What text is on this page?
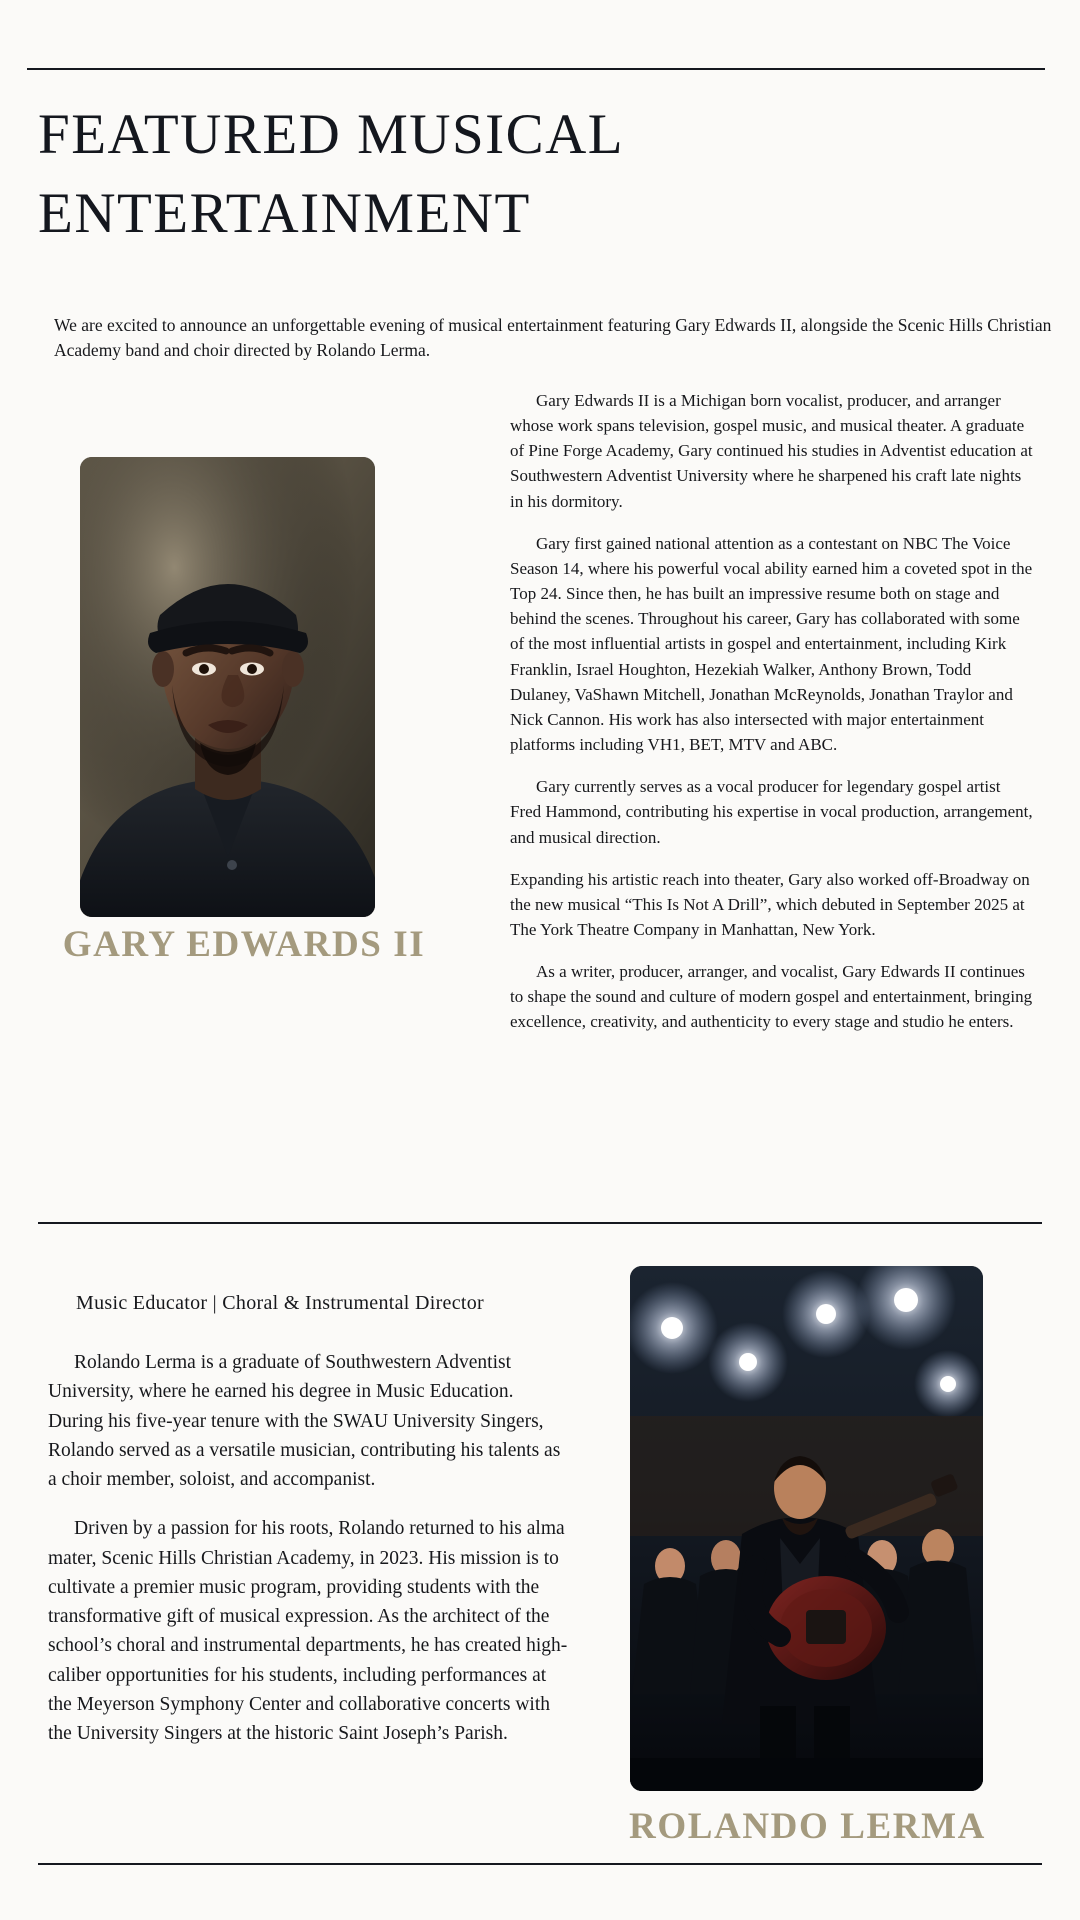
FEATURED MUSICAL ENTERTAINMENT

We are excited to announce an unforgettable evening of musical entertainment featuring Gary Edwards II, alongside the Scenic Hills Christian Academy band and choir directed by Rolando Lerma.

GARY EDWARDS II

Gary Edwards II is a Michigan born vocalist, producer, and arranger whose work spans television, gospel music, and musical theater. A graduate of Pine Forge Academy, Gary continued his studies in Adventist education at Southwestern Adventist University where he sharpened his craft late nights in his dormitory.

Gary first gained national attention as a contestant on NBC The Voice Season 14, where his powerful vocal ability earned him a coveted spot in the Top 24. Since then, he has built an impressive resume both on stage and behind the scenes. Throughout his career, Gary has collaborated with some of the most influential artists in gospel and entertainment, including Kirk Franklin, Israel Houghton, Hezekiah Walker, Anthony Brown, Todd Dulaney, VaShawn Mitchell, Jonathan McReynolds, Jonathan Traylor and Nick Cannon. His work has also intersected with major entertainment platforms including VH1, BET, MTV and ABC.

Gary currently serves as a vocal producer for legendary gospel artist Fred Hammond, contributing his expertise in vocal production, arrangement, and musical direction.

Expanding his artistic reach into theater, Gary also worked off-Broadway on the new musical “This Is Not A Drill”, which debuted in September 2025 at The York Theatre Company in Manhattan, New York.

As a writer, producer, arranger, and vocalist, Gary Edwards II continues to shape the sound and culture of modern gospel and entertainment, bringing excellence, creativity, and authenticity to every stage and studio he enters.

Music Educator | Choral & Instrumental Director

Rolando Lerma is a graduate of Southwestern Adventist University, where he earned his degree in Music Education. During his five-year tenure with the SWAU University Singers, Rolando served as a versatile musician, contributing his talents as a choir member, soloist, and accompanist.

Driven by a passion for his roots, Rolando returned to his alma mater, Scenic Hills Christian Academy, in 2023. His mission is to cultivate a premier music program, providing students with the transformative gift of musical expression. As the architect of the school’s choral and instrumental departments, he has created high-caliber opportunities for his students, including performances at the Meyerson Symphony Center and collaborative concerts with the University Singers at the historic Saint Joseph’s Parish.

ROLANDO LERMA
